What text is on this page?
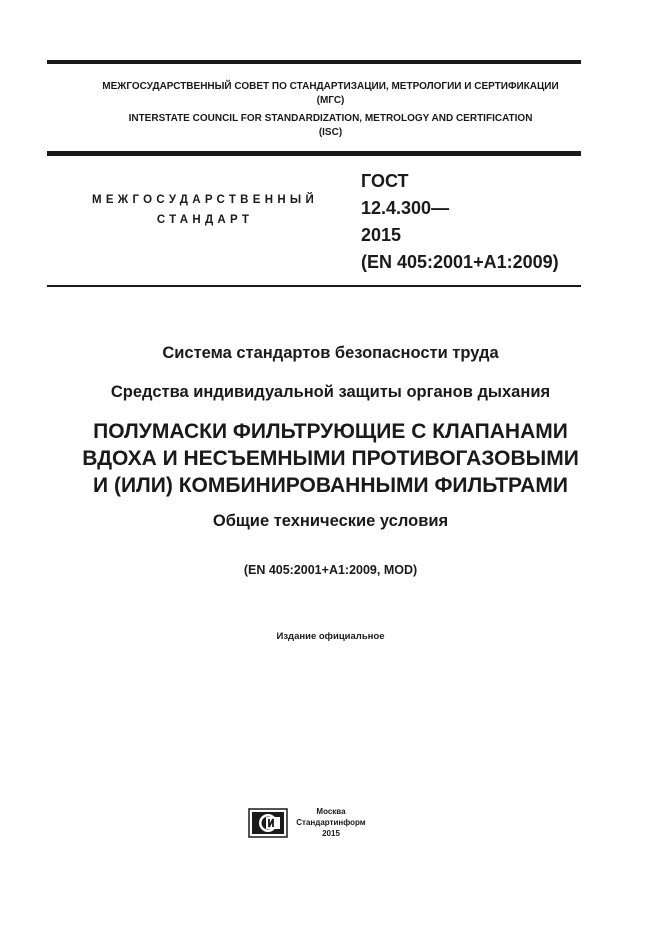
МЕЖГОСУДАРСТВЕННЫЙ СОВЕТ ПО СТАНДАРТИЗАЦИИ, МЕТРОЛОГИИ И СЕРТИФИКАЦИИ
(МГС)
INTERSTATE COUNCIL FOR STANDARDIZATION, METROLOGY AND CERTIFICATION
(ISC)
МЕЖГОСУДАРСТВЕННЫЙ
СТАНДАРТ
ГОСТ
12.4.300—
2015
(EN 405:2001+A1:2009)
Система стандартов безопасности труда
Средства индивидуальной защиты органов дыхания
ПОЛУМАСКИ ФИЛЬТРУЮЩИЕ С КЛАПАНАМИ
ВДОХА И НЕСЪЕМНЫМИ ПРОТИВОГАЗОВЫМИ
И (ИЛИ) КОМБИНИРОВАННЫМИ ФИЛЬТРАМИ
Общие технические условия
(EN 405:2001+A1:2009, MOD)
Издание официальное
Москва
Стандартинформ
2015
